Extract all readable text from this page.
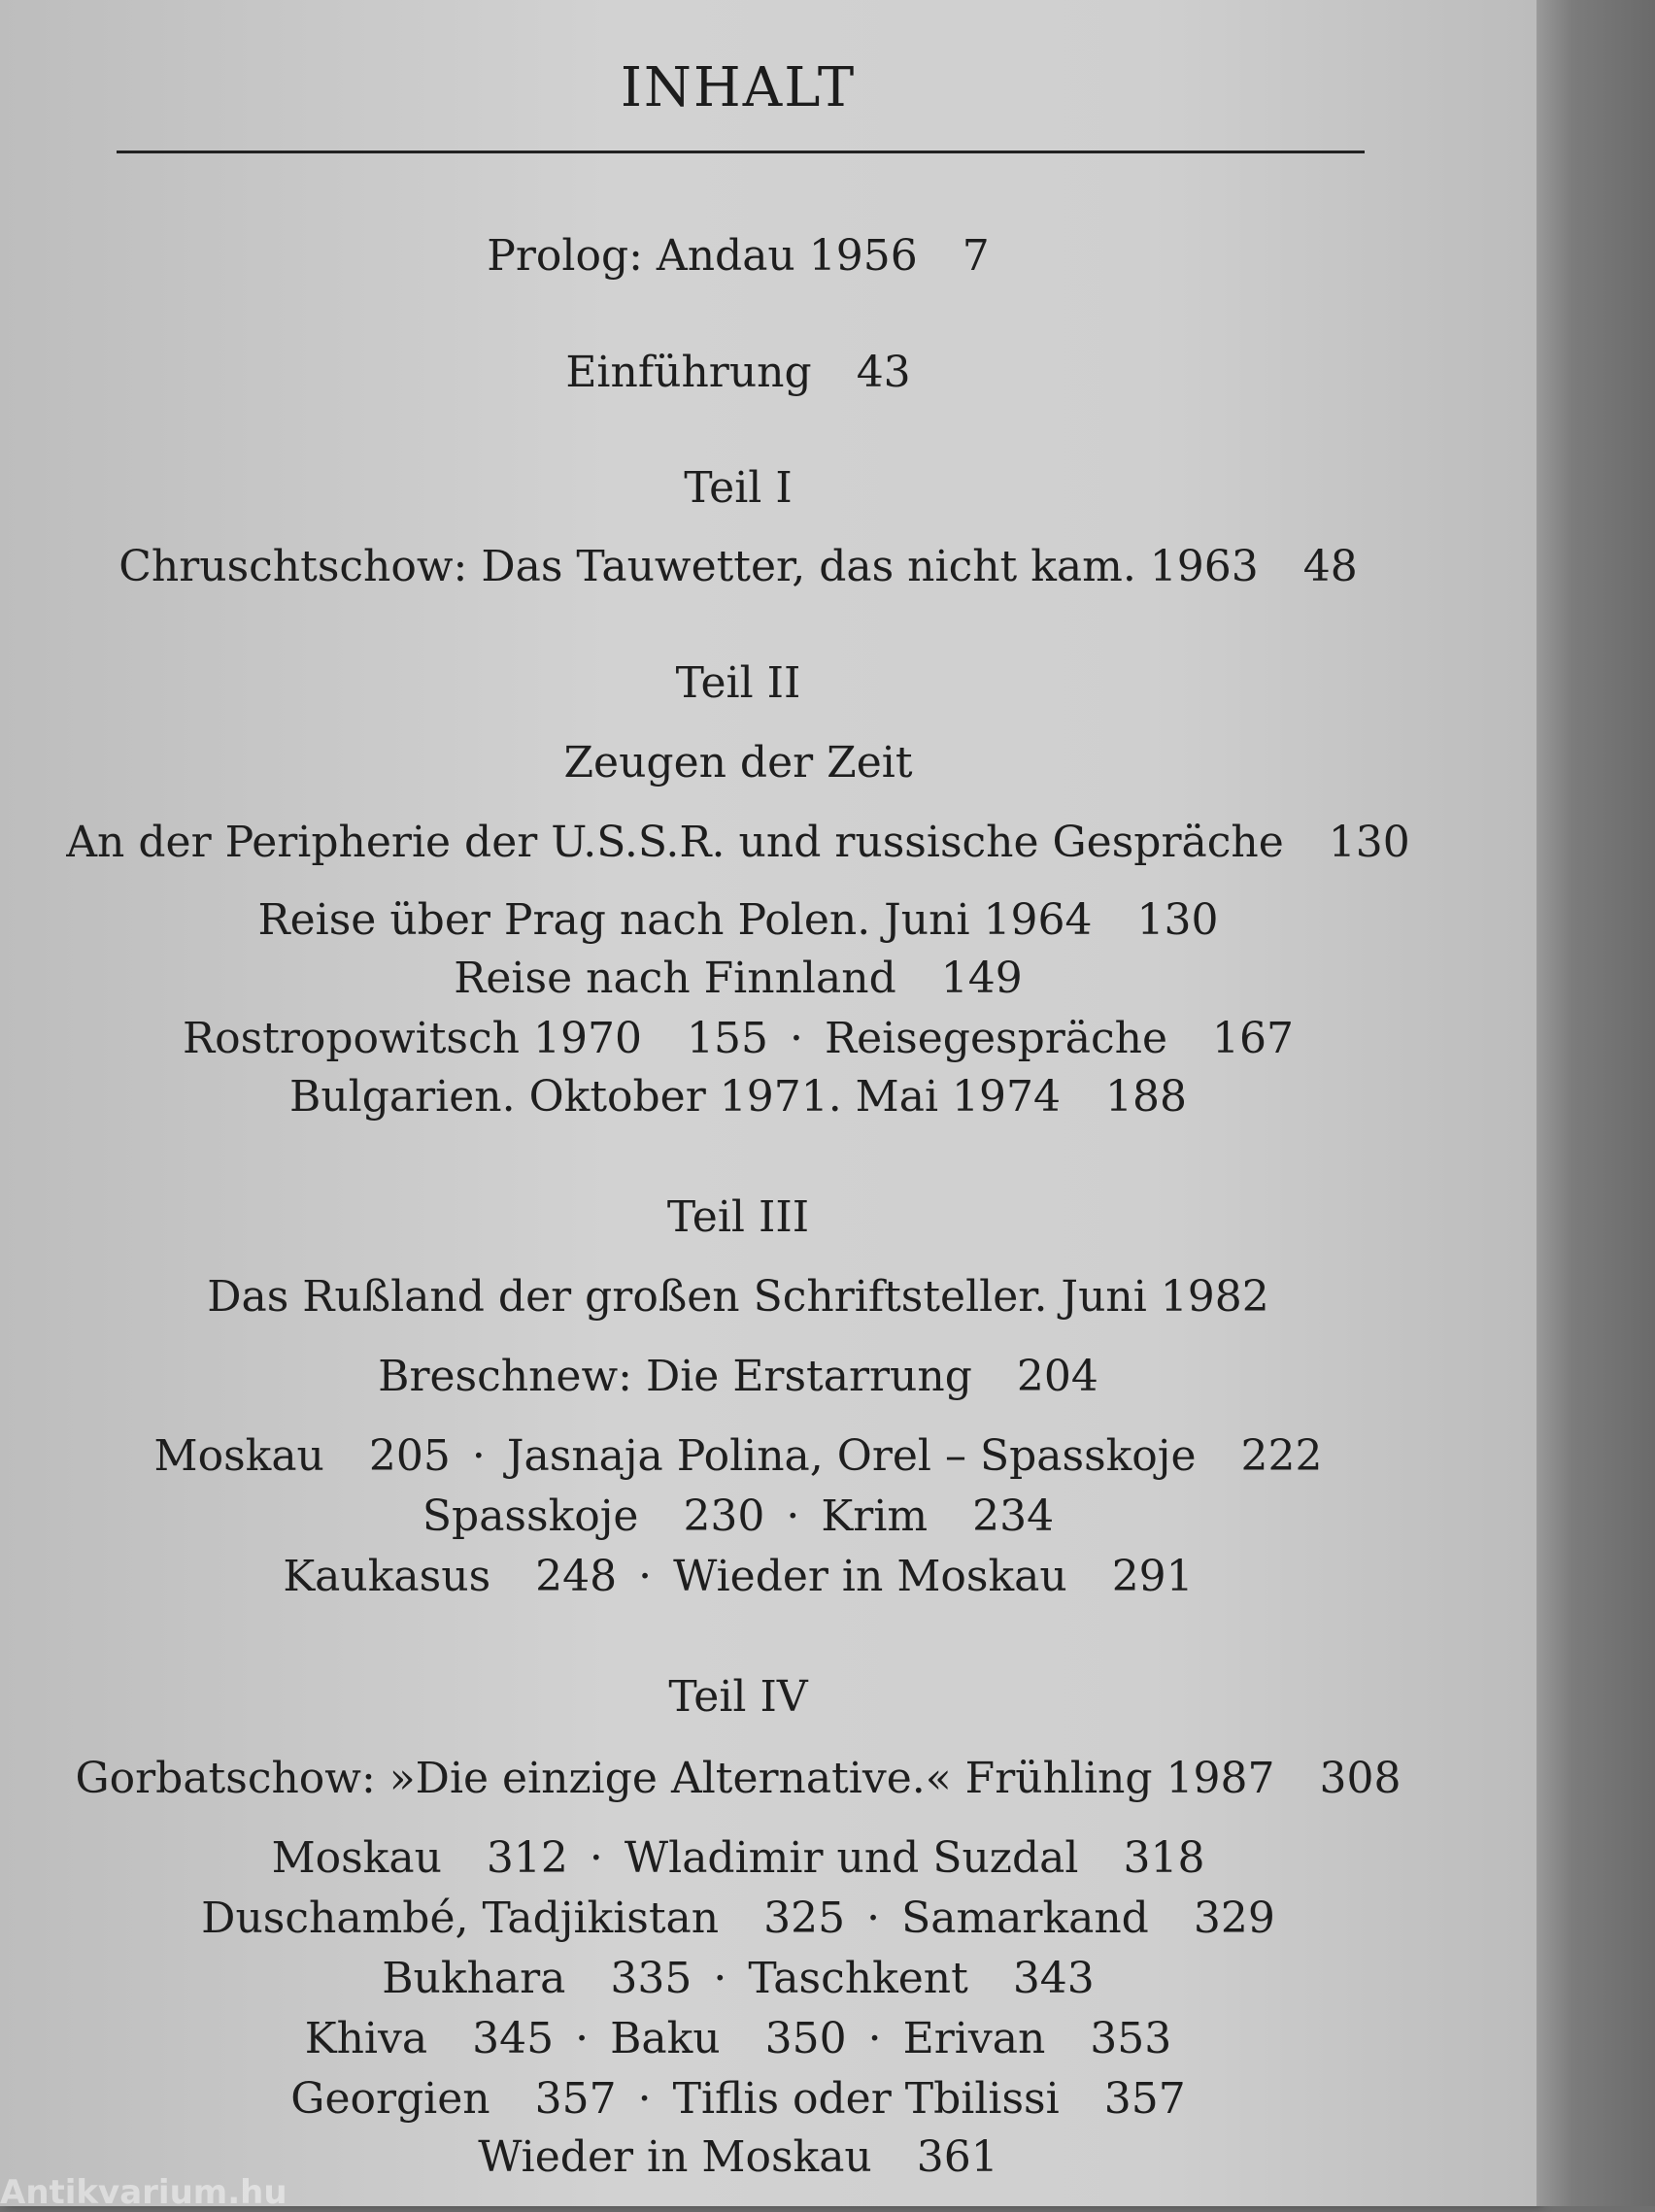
INHALT
Prolog: Andau 1956 7
Einführung 43
Teil I
Chruschtschow: Das Tauwetter, das nicht kam. 1963 48
Teil II
Zeugen der Zeit
An der Peripherie der U.S.S.R. und russische Gespräche 130
Reise über Prag nach Polen. Juni 1964 130
Reise nach Finnland 149
Rostropowitsch 1970 155 · Reisegespräche 167
Bulgarien. Oktober 1971. Mai 1974 188
Teil III
Das Rußland der großen Schriftsteller. Juni 1982
Breschnew: Die Erstarrung 204
Moskau 205 · Jasnaja Polina, Orel – Spasskoje 222
Spasskoje 230 · Krim 234
Kaukasus 248 · Wieder in Moskau 291
Teil IV
Gorbatschow: »Die einzige Alternative.« Frühling 1987 308
Moskau 312 · Wladimir und Suzdal 318
Duschambé, Tadjikistan 325 · Samarkand 329
Bukhara 335 · Taschkent 343
Khiva 345 · Baku 350 · Erivan 353
Georgien 357 · Tiflis oder Tbilissi 357
Wieder in Moskau 361
Antikvarium.hu
